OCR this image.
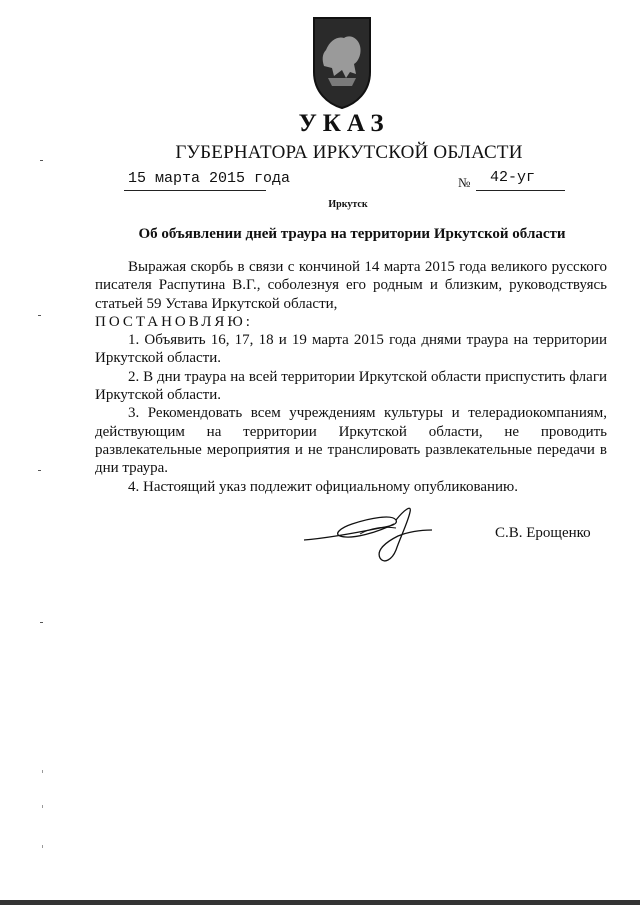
УКАЗ
ГУБЕРНАТОРА ИРКУТСКОЙ ОБЛАСТИ
15 марта 2015 года	№ 42-уг
Иркутск
Об объявлении дней траура на территории Иркутской области

Выражая скорбь в связи с кончиной 14 марта 2015 года великого русского писателя Распутина В.Г., соболезнуя его родным и близким, руководствуясь статьей 59 Устава Иркутской области,

ПОСТАНОВЛЯЮ:

1. Объявить 16, 17, 18 и 19 марта 2015 года днями траура на территории Иркутской области.

2. В дни траура на всей территории Иркутской области приспустить флаги Иркутской области.

3. Рекомендовать всем учреждениям культуры и телерадиокомпаниям, действующим на территории Иркутской области, не проводить развлекательные мероприятия и не транслировать развлекательные передачи в дни траура.

4. Настоящий указ подлежит официальному опубликованию.

С.В. Ерощенко
